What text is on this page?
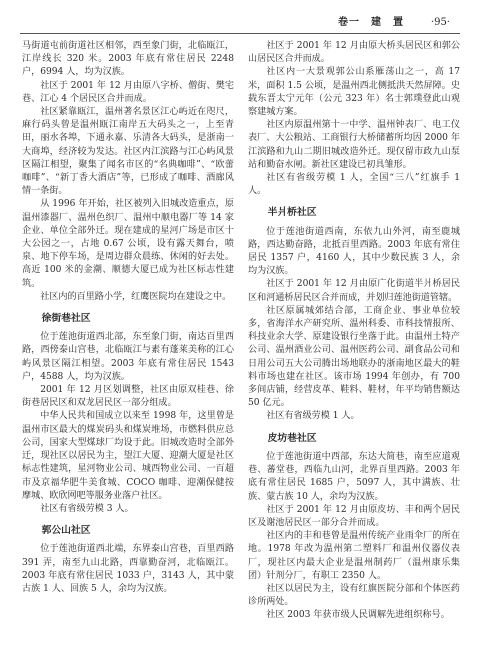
卷一　建　置	·95·

马街道屯前街道社区相邻，西至象门街，北临瓯江，江岸线长 320 米。2003 年底有常住居民 2248 户，6994 人，均为汉族。

社区于 2001 年 12 月由原八字桥、僧街、樊宅巷、江心 4 个居民区合并而成。

社区紧靠瓯江，温州著名景区江心屿近在咫尺，麻行码头曾是温州瓯江南岸五大码头之一，上至青田，丽水各埠，下通永嘉、乐清各大码头，是浙南一大商埠，经济较为发达。社区内江滨路与江心屿风景区隔江相望，聚集了闻名市区的“名典咖啡”、“欧蕾咖啡”、“新丁香大酒店”等，已形成了咖啡、酒廊风情一条街。

从 1996 年开始，社区被列入旧城改造重点，原温州漆器厂、温州色织厂、温州中顺电器厂等 14 家企业、单位全部外迁。现在建成的星河广场是市区十大公园之一，占地 0.67 公顷，设有露天舞台，喷泉、地下停车场，是周边群众晨练、休闲的好去处。高近 100 米的金潮、顺德大厦已成为社区标志性建筑。

社区内的百里路小学，红鹰医院均在建设之中。

徐街巷社区

位于莲池街道西北部，东至象门街，南达百里西路，西傍泰山宫巷，北临瓯江与素有蓬莱美称的江心屿风景区隔江相望。2003 年底有常住居民 1543 户，4588 人，均为汉族。

2001 年 12 月区划调整，社区由原双桂巷、徐街巷居民区和双龙居民区一部分组成。

中华人民共和国成立以来至 1998 年，这里曾是温州市区最大的煤炭码头和煤炭堆场，市燃料供应总公司，国家大型煤球厂均设于此。旧城改造时全部外迁，现社区以居民为主，望江大厦、迎潮大厦是社区标志性建筑，星河物业公司、城西物业公司、一百超市及京福华肥牛美食城、COCO 咖啡、迎潮保健按摩城、欧欣网吧等服务业落户社区。

社区有省级劳模 3 人。

郭公山社区

位于莲池街道西北端，东界泰山宫巷，百里西路 391 弄，南至九山北路，西靠勤奋河，北临瓯江。2003 年底有常住居民 1033 户，3143 人，其中蒙古族 1 人、回族 5 人，余均为汉族。

社区于 2001 年 12 月由原大桥头居民区和郭公山居民区合并而成。

社区内一大景观郭公山系雁荡山之一，高 17 米，面积 1.5 公顷，是温州西北侧抵洪天然屏障。史载东晋太宁元年（公元 323 年）名士郭璞登此山观察建城方案。

社区内原温州第十一中学、温州钟表厂、电工仪表厂、大公粮站、工商银行大桥储蓄所均因 2000 年江滨路和九山二期旧城改造外迁。现仅留市政九山泵站和勤奋水闸。新社区建设已初具雏形。

社区有省级劳模 1 人，全国“三八”红旗手 1 人。

半爿桥社区

位于莲池街道西南，东依九山外河，南至鹿城路，西达勤奋路，北抵百里西路。2003 年底有常住居民 1357 户，4160 人，其中少数民族 3 人，余均为汉族。

社区于 2001 年 12 月由原广化街道半爿桥居民区和河通桥居民区合并而成，并划归莲池街道管辖。

社区原属城郊结合部，工商企业、事业单位较多，省海洋水产研究所、温州科委、市科技情报所、科技业余大学、原建设银行坐落于此。由温州土特产公司、温州酒业公司、温州医药公司、副食品公司和日用公司五大公司腾出场地联办的浙南地区最大的鞋料市场也建在社区。该市场 1994 年创办，有 700 多间店铺，经营皮革、鞋料、鞋材，年平均销售额达 50 亿元。

社区有省级劳模 1 人。

皮坊巷社区

位于莲池街道中西部，东达大简巷，南至应道观巷、蕃堂巷，西临九山河，北界百里西路。2003 年底有常住居民 1685 户，5097 人，其中满族、壮族、蒙古族 10 人，余均为汉族。

社区于 2001 年 12 月由原皮坊、丰和两个居民区及谢池居民区一部分合并而成。

社区内的丰和巷曾是温州传统产业雨伞厂的所在地。1978 年改为温州第二塑料厂和温州仪器仪表厂，现社区内最大企业是温州制药厂（温州康乐集团）针剂分厂，有职工 2350 人。

社区以居民为主，设有红旗医院分部和个体医药诊所两处。

社区 2003 年获市级人民调解先进组织称号。
